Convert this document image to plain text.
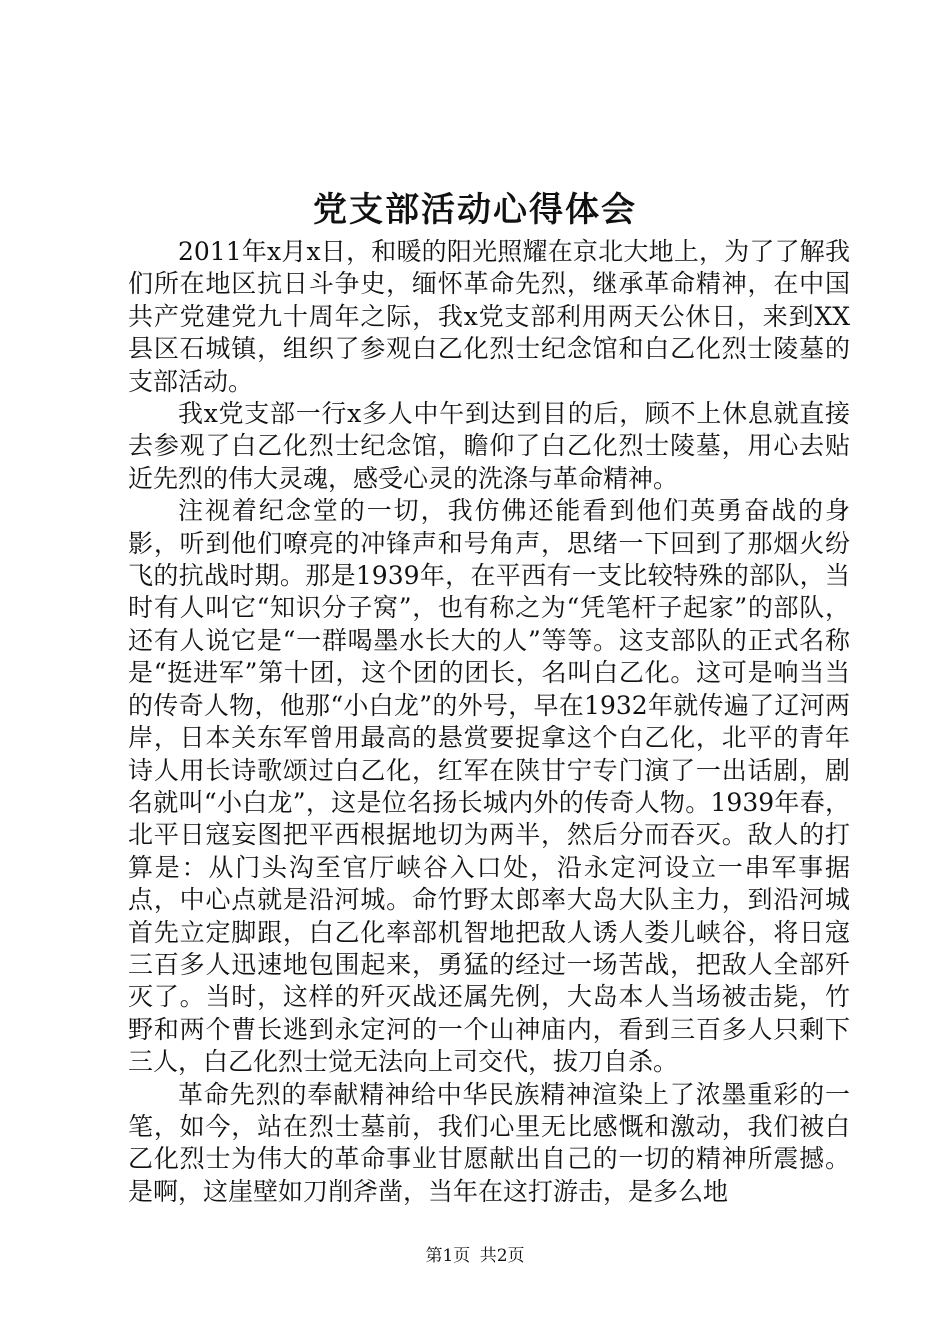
党支部活动心得体会

2011年x月x日，和暖的阳光照耀在京北大地上，为了了解我们所在地区抗日斗争史，缅怀革命先烈，继承革命精神，在中国共产党建党九十周年之际，我x党支部利用两天公休日，来到XX县区石城镇，组织了参观白乙化烈士纪念馆和白乙化烈士陵墓的支部活动。

我x党支部一行x多人中午到达到目的后，顾不上休息就直接去参观了白乙化烈士纪念馆，瞻仰了白乙化烈士陵墓，用心去贴近先烈的伟大灵魂，感受心灵的洗涤与革命精神。

注视着纪念堂的一切，我仿佛还能看到他们英勇奋战的身影，听到他们嘹亮的冲锋声和号角声，思绪一下回到了那烟火纷飞的抗战时期。那是1939年，在平西有一支比较特殊的部队，当时有人叫它“知识分子窝”，也有称之为“凭笔杆子起家”的部队，还有人说它是“一群喝墨水长大的人”等等。这支部队的正式名称是“挺进军”第十团，这个团的团长，名叫白乙化。这可是响当当的传奇人物，他那“小白龙”的外号，早在1932年就传遍了辽河两岸，日本关东军曾用最高的悬赏要捉拿这个白乙化，北平的青年诗人用长诗歌颂过白乙化，红军在陕甘宁专门演了一出话剧，剧名就叫“小白龙”，这是位名扬长城内外的传奇人物。1939年春，北平日寇妄图把平西根据地切为两半，然后分而吞灭。敌人的打算是：从门头沟至官厅峡谷入口处，沿永定河设立一串军事据点，中心点就是沿河城。命竹野太郎率大岛大队主力，到沿河城首先立定脚跟，白乙化率部机智地把敌人诱人娄儿峡谷，将日寇三百多人迅速地包围起来，勇猛的经过一场苦战，把敌人全部歼灭了。当时，这样的歼灭战还属先例，大岛本人当场被击毙，竹野和两个曹长逃到永定河的一个山神庙内，看到三百多人只剩下三人，白乙化烈士觉无法向上司交代，拔刀自杀。

革命先烈的奉献精神给中华民族精神渲染上了浓墨重彩的一笔，如今，站在烈士墓前，我们心里无比感慨和激动，我们被白乙化烈士为伟大的革命事业甘愿献出自己的一切的精神所震撼。是啊，这崖壁如刀削斧凿，当年在这打游击，是多么地

第1页 共2页
